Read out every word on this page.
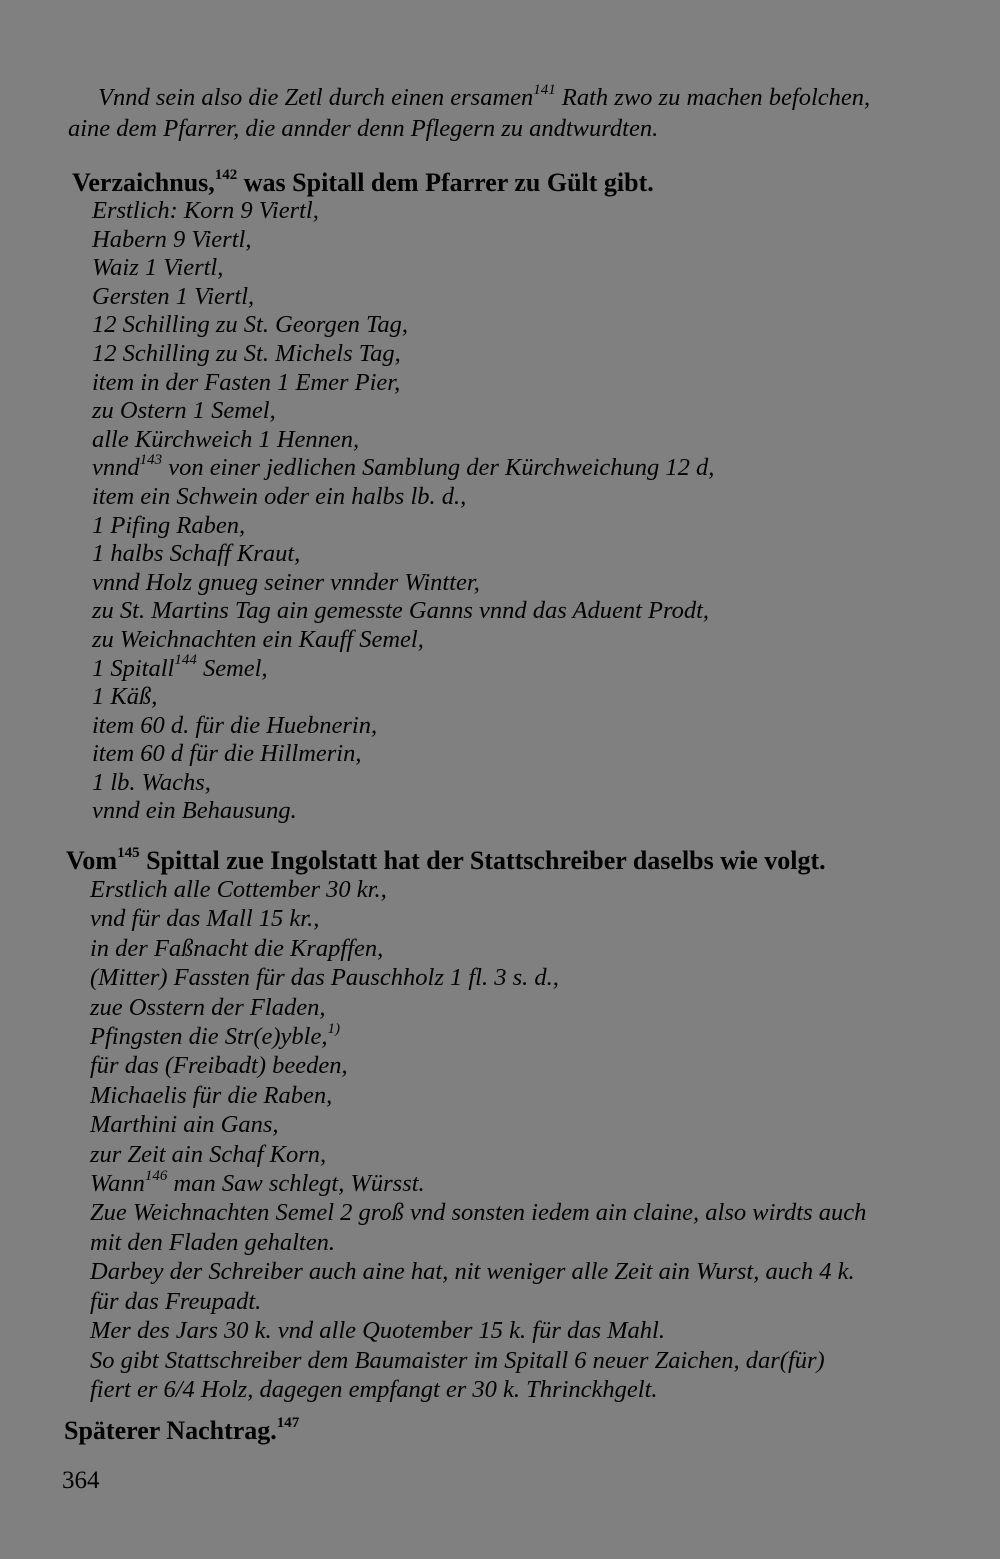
Vnnd sein also die Zetl durch einen ersamen$^{141}$ Rath zwo zu machen befolchen,
aine dem Pfarrer, die annder denn Pflegern zu andtwurdten.
Verzaichnus,$^{142}$ was Spitall dem Pfarrer zu Gült gibt.
Erstlich: Korn 9 Viertl,
Habern 9 Viertl,
Waiz 1 Viertl,
Gersten 1 Viertl,
12 Schilling zu St. Georgen Tag,
12 Schilling zu St. Michels Tag,
item in der Fasten 1 Emer Pier,
zu Ostern 1 Semel,
alle Kürchweich 1 Hennen,
vnnd$^{143}$ von einer jedlichen Samblung der Kürchweichung 12 d,
item ein Schwein oder ein halbs lb. d.,
1 Pifing Raben,
1 halbs Schaff Kraut,
vnnd Holz gnueg seiner vnnder Wintter,
zu St. Martins Tag ain gemesste Ganns vnnd das Aduent Prodt,
zu Weichnachten ein Kauff Semel,
1 Spitall$^{144}$ Semel,
1 Käß,
item 60 d. für die Huebnerin,
item 60 d für die Hillmerin,
1 lb. Wachs,
vnnd ein Behausung.
Vom$^{145}$ Spittal zue Ingolstatt hat der Stattschreiber daselbs wie volgt.
Erstlich alle Cottember 30 kr.,
vnd für das Mall 15 kr.,
in der Faßnacht die Krapffen,
(Mitter) Fassten für das Pauschholz 1 fl. 3 s. d.,
zue Osstern der Fladen,
Pfingsten die Str(e)yble,$^{1)}$
für das (Freibadt) beeden,
Michaelis für die Raben,
Marthini ain Gans,
zur Zeit ain Schaf Korn,
Wann$^{146}$ man Saw schlegt, Würsst.
Zue Weichnachten Semel 2 groß vnd sonsten iedem ain claine, also wirdts auch
mit den Fladen gehalten.
Darbey der Schreiber auch aine hat, nit weniger alle Zeit ain Wurst, auch 4 k.
für das Freupadt.
Mer des Jars 30 k. vnd alle Quotember 15 k. für das Mahl.
So gibt Stattschreiber dem Baumaister im Spitall 6 neuer Zaichen, dar(für)
fiert er 6/4 Holz, dagegen empfangt er 30 k. Thrinckhgelt.
Späterer Nachtrag.$^{147}$
364
